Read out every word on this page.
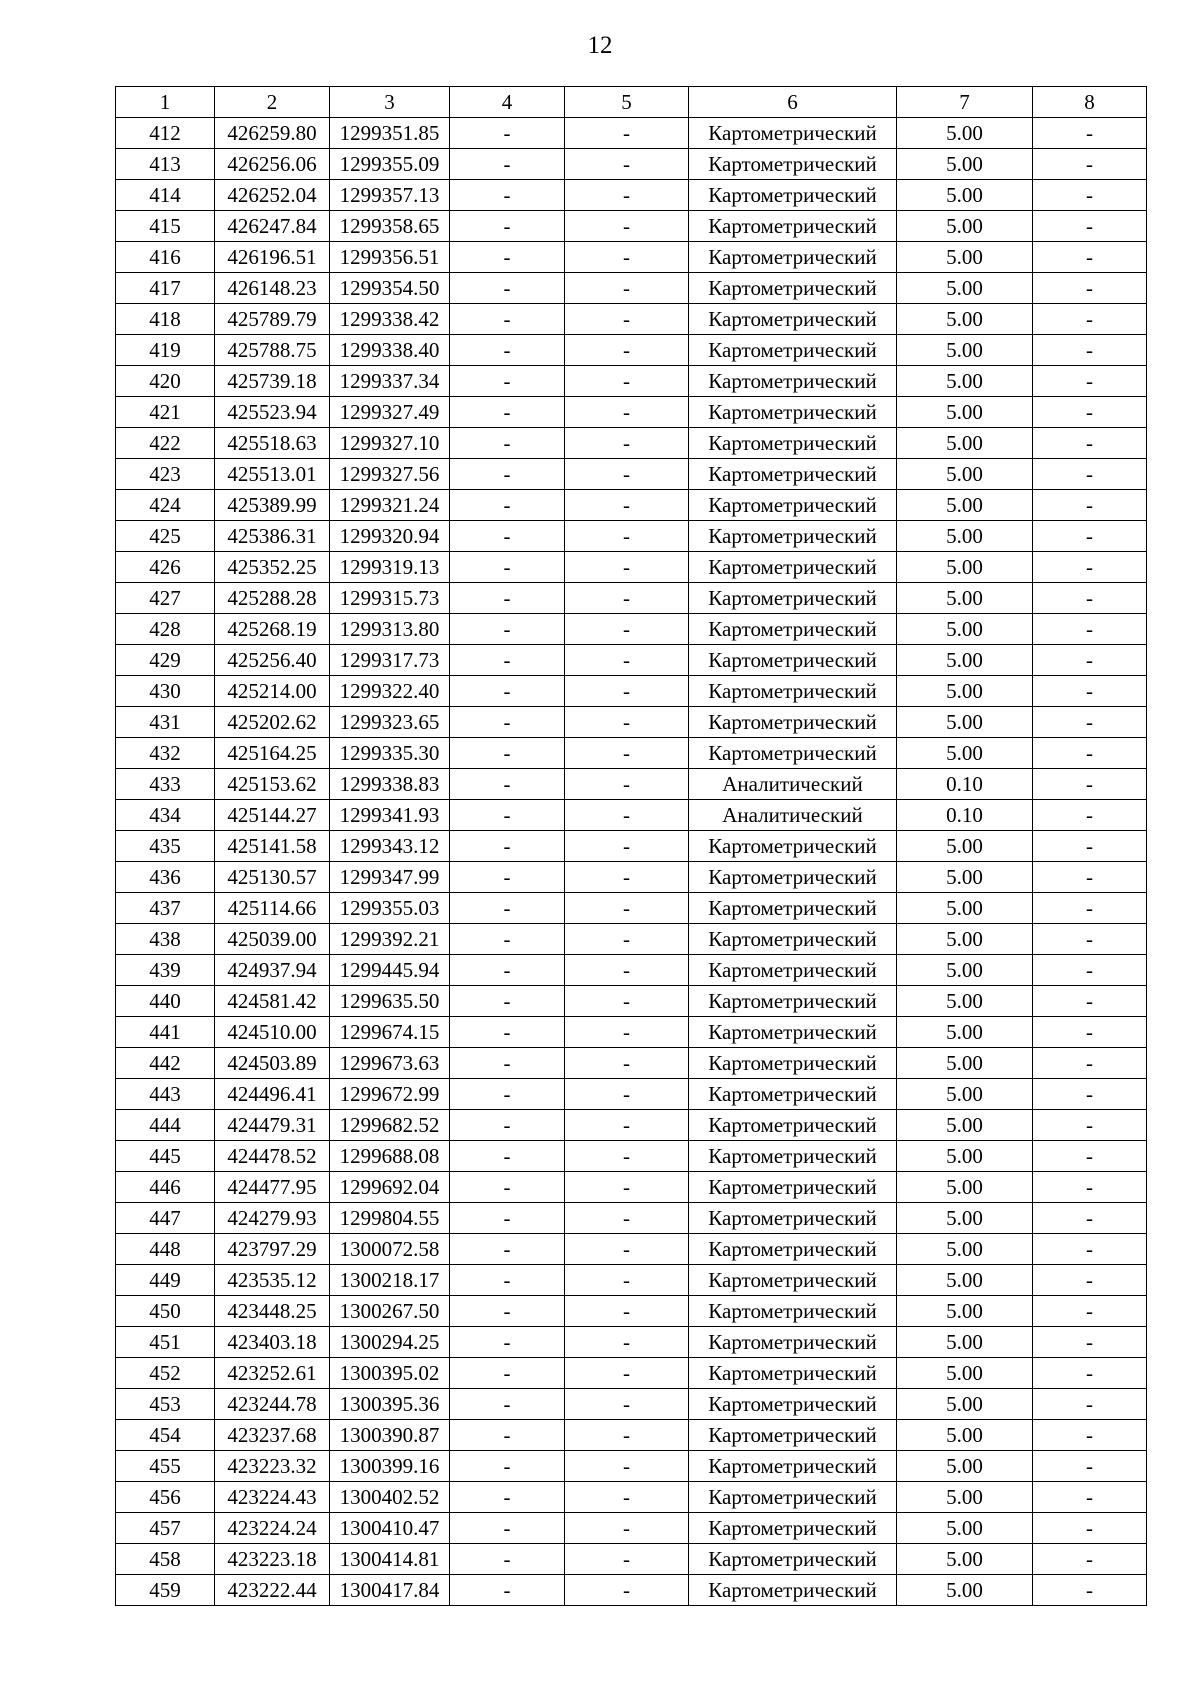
12
1	2	3	4	5	6	7	8
412	426259.80	1299351.85	-	-	Картометрический	5.00	-
413	426256.06	1299355.09	-	-	Картометрический	5.00	-
414	426252.04	1299357.13	-	-	Картометрический	5.00	-
415	426247.84	1299358.65	-	-	Картометрический	5.00	-
416	426196.51	1299356.51	-	-	Картометрический	5.00	-
417	426148.23	1299354.50	-	-	Картометрический	5.00	-
418	425789.79	1299338.42	-	-	Картометрический	5.00	-
419	425788.75	1299338.40	-	-	Картометрический	5.00	-
420	425739.18	1299337.34	-	-	Картометрический	5.00	-
421	425523.94	1299327.49	-	-	Картометрический	5.00	-
422	425518.63	1299327.10	-	-	Картометрический	5.00	-
423	425513.01	1299327.56	-	-	Картометрический	5.00	-
424	425389.99	1299321.24	-	-	Картометрический	5.00	-
425	425386.31	1299320.94	-	-	Картометрический	5.00	-
426	425352.25	1299319.13	-	-	Картометрический	5.00	-
427	425288.28	1299315.73	-	-	Картометрический	5.00	-
428	425268.19	1299313.80	-	-	Картометрический	5.00	-
429	425256.40	1299317.73	-	-	Картометрический	5.00	-
430	425214.00	1299322.40	-	-	Картометрический	5.00	-
431	425202.62	1299323.65	-	-	Картометрический	5.00	-
432	425164.25	1299335.30	-	-	Картометрический	5.00	-
433	425153.62	1299338.83	-	-	Аналитический	0.10	-
434	425144.27	1299341.93	-	-	Аналитический	0.10	-
435	425141.58	1299343.12	-	-	Картометрический	5.00	-
436	425130.57	1299347.99	-	-	Картометрический	5.00	-
437	425114.66	1299355.03	-	-	Картометрический	5.00	-
438	425039.00	1299392.21	-	-	Картометрический	5.00	-
439	424937.94	1299445.94	-	-	Картометрический	5.00	-
440	424581.42	1299635.50	-	-	Картометрический	5.00	-
441	424510.00	1299674.15	-	-	Картометрический	5.00	-
442	424503.89	1299673.63	-	-	Картометрический	5.00	-
443	424496.41	1299672.99	-	-	Картометрический	5.00	-
444	424479.31	1299682.52	-	-	Картометрический	5.00	-
445	424478.52	1299688.08	-	-	Картометрический	5.00	-
446	424477.95	1299692.04	-	-	Картометрический	5.00	-
447	424279.93	1299804.55	-	-	Картометрический	5.00	-
448	423797.29	1300072.58	-	-	Картометрический	5.00	-
449	423535.12	1300218.17	-	-	Картометрический	5.00	-
450	423448.25	1300267.50	-	-	Картометрический	5.00	-
451	423403.18	1300294.25	-	-	Картометрический	5.00	-
452	423252.61	1300395.02	-	-	Картометрический	5.00	-
453	423244.78	1300395.36	-	-	Картометрический	5.00	-
454	423237.68	1300390.87	-	-	Картометрический	5.00	-
455	423223.32	1300399.16	-	-	Картометрический	5.00	-
456	423224.43	1300402.52	-	-	Картометрический	5.00	-
457	423224.24	1300410.47	-	-	Картометрический	5.00	-
458	423223.18	1300414.81	-	-	Картометрический	5.00	-
459	423222.44	1300417.84	-	-	Картометрический	5.00	-
